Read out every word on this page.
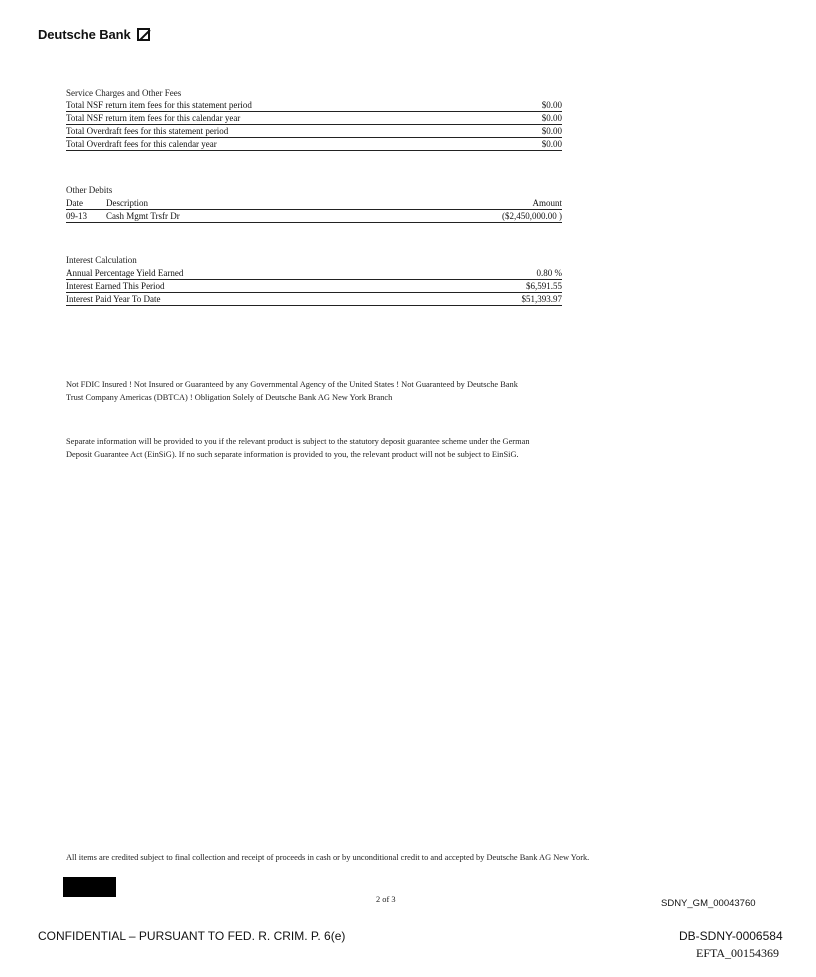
Deutsche Bank
Service Charges and Other Fees
Total NSF return item fees for this statement period	$0.00
Total NSF return item fees for this calendar year	$0.00
Total Overdraft fees for this statement period	$0.00
Total Overdraft fees for this calendar year	$0.00
Other Debits
Date	Description	Amount
09-13	Cash Mgmt Trsfr Dr	($2,450,000.00 )
Interest Calculation
Annual Percentage Yield Earned	0.80 %
Interest Earned This Period	$6,591.55
Interest Paid Year To Date	$51,393.97
Not FDIC Insured ! Not Insured or Guaranteed by any Governmental Agency of the United States ! Not Guaranteed by Deutsche Bank Trust Company Americas (DBTCA) ! Obligation Solely of Deutsche Bank AG New York Branch
Separate information will be provided to you if the relevant product is subject to the statutory deposit guarantee scheme under the German Deposit Guarantee Act (EinSiG). If no such separate information is provided to you, the relevant product will not be subject to EinSiG.
All items are credited subject to final collection and receipt of proceeds in cash or by unconditional credit to and accepted by Deutsche Bank AG New York.
2 of 3	SDNY_GM_00043760
CONFIDENTIAL – PURSUANT TO FED. R. CRIM. P. 6(e)	DB-SDNY-0006584
EFTA_00154369
